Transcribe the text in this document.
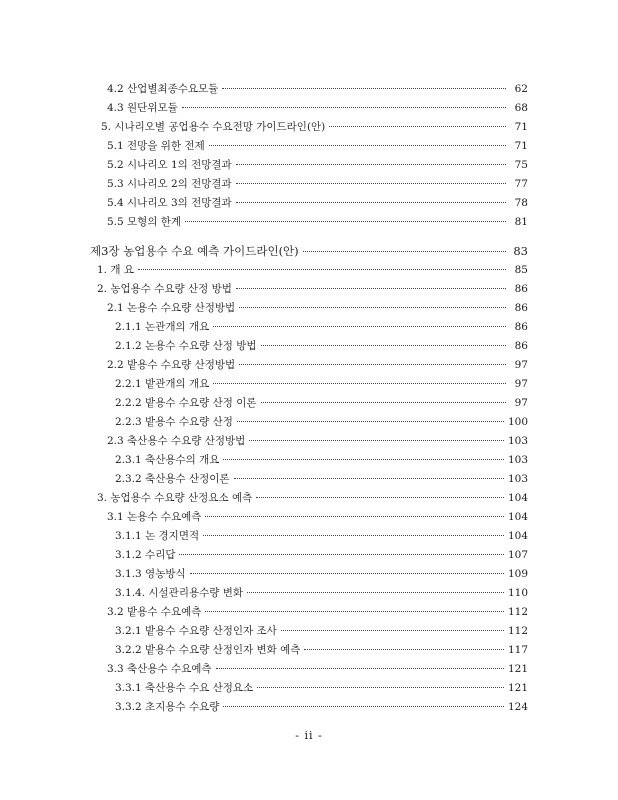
4.2 산업별최종수요모듈	62
4.3 원단위모듈	68
5. 시나리오별 공업용수 수요전망 가이드라인(안)	71
5.1 전망을 위한 전제	71
5.2 시나리오 1의 전망결과	75
5.3 시나리오 2의 전망결과	77
5.4 시나리오 3의 전망결과	78
5.5 모형의 한계	81
제3장 농업용수 수요 예측 가이드라인(안)	83
1. 개 요	85
2. 농업용수 수요량 산정 방법	86
2.1 논용수 수요량 산정방법	86
2.1.1 논관개의 개요	86
2.1.2 논용수 수요량 산정 방법	86
2.2 밭용수 수요량 산정방법	97
2.2.1 밭관개의 개요	97
2.2.2 밭용수 수요량 산정 이론	97
2.2.3 밭용수 수요량 산정	100
2.3 축산용수 수요량 산정방법	103
2.3.1 축산용수의 개요	103
2.3.2 축산용수 산정이론	103
3. 농업용수 수요량 산정요소 예측	104
3.1 논용수 수요예측	104
3.1.1 논 경지면적	104
3.1.2 수리답	107
3.1.3 영농방식	109
3.1.4. 시설관리용수량 변화	110
3.2 밭용수 수요예측	112
3.2.1 밭용수 수요량 산정인자 조사	112
3.2.2 밭용수 수요량 산정인자 변화 예측	117
3.3 축산용수 수요예측	121
3.3.1 축산용수 수요 산정요소	121
3.3.2 초지용수 수요량	124
- ii -
